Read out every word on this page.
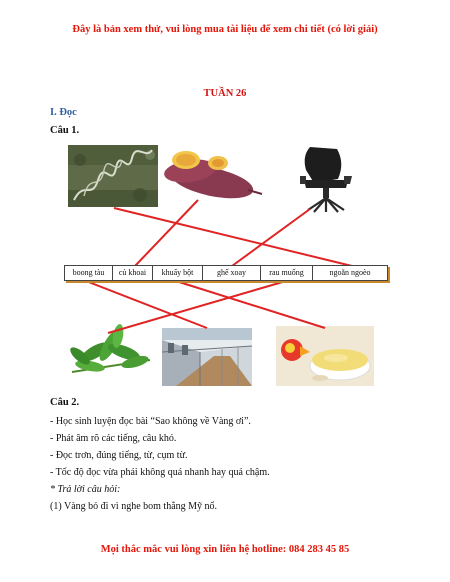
Đây là bản xem thử, vui lòng mua tài liệu để xem chi tiết (có lời giải)
TUẦN 26
I. Đọc
Câu 1.
boong tàu	củ khoai	khuấy bột	ghế xoay	rau muống	ngoằn ngoèo
Câu 2.
- Học sinh luyện đọc bài “Sao không về Vàng ơi”.
- Phát âm rõ các tiếng, câu khó.
- Đọc trơn, đúng tiếng, từ, cụm từ.
- Tốc độ đọc vừa phải không quá nhanh hay quá chậm.
* Trả lời câu hỏi:
(1) Vàng bỏ đi vì nghe bom thằng Mỹ nổ.
Mọi thắc mắc vui lòng xin liên hệ hotline: 084 283 45 85
